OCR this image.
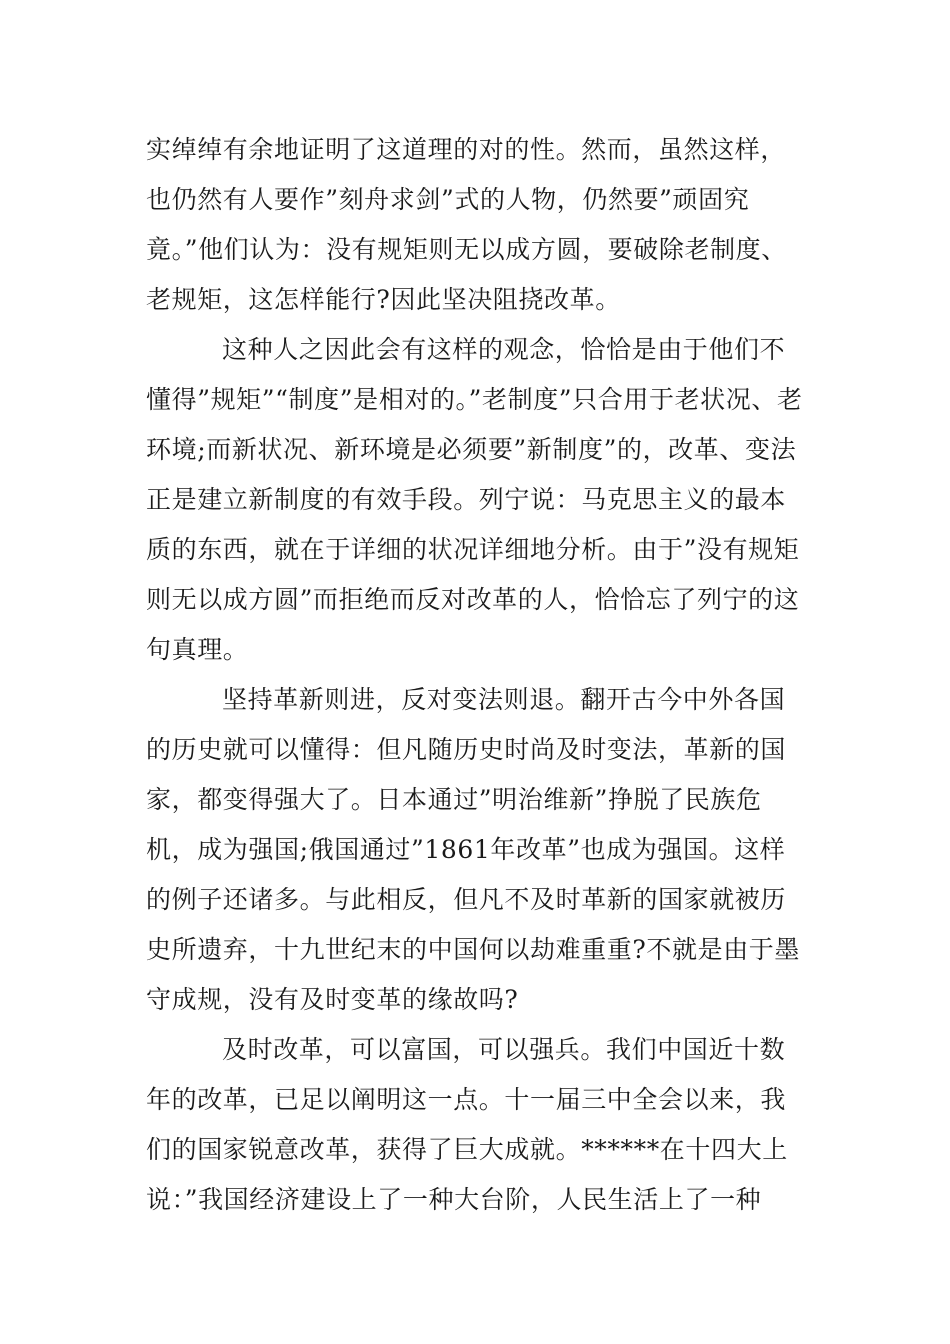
实绰绰有余地证明了这道理的对的性。然而，虽然这样，也仍然有人要作”刻舟求剑”式的人物，仍然要”顽固究竟。”他们认为：没有规矩则无以成方圆，要破除老制度、老规矩，这怎样能行?因此坚决阻挠改革。

这种人之因此会有这样的观念，恰恰是由于他们不懂得”规矩”“制度”是相对的。”老制度”只合用于老状况、老环境;而新状况、新环境是必须要”新制度”的，改革、变法正是建立新制度的有效手段。列宁说：马克思主义的最本质的东西，就在于详细的状况详细地分析。由于”没有规矩则无以成方圆”而拒绝而反对改革的人，恰恰忘了列宁的这句真理。

坚持革新则进，反对变法则退。翻开古今中外各国的历史就可以懂得：但凡随历史时尚及时变法，革新的国家，都变得强大了。日本通过”明治维新”挣脱了民族危机，成为强国;俄国通过”1861年改革”也成为强国。这样的例子还诸多。与此相反，但凡不及时革新的国家就被历史所遗弃，十九世纪末的中国何以劫难重重?不就是由于墨守成规，没有及时变革的缘故吗?

及时改革，可以富国，可以强兵。我们中国近十数年的改革，已足以阐明这一点。十一届三中全会以来，我们的国家锐意改革，获得了巨大成就。******在十四大上说：”我国经济建设上了一种大台阶，人民生活上了一种
